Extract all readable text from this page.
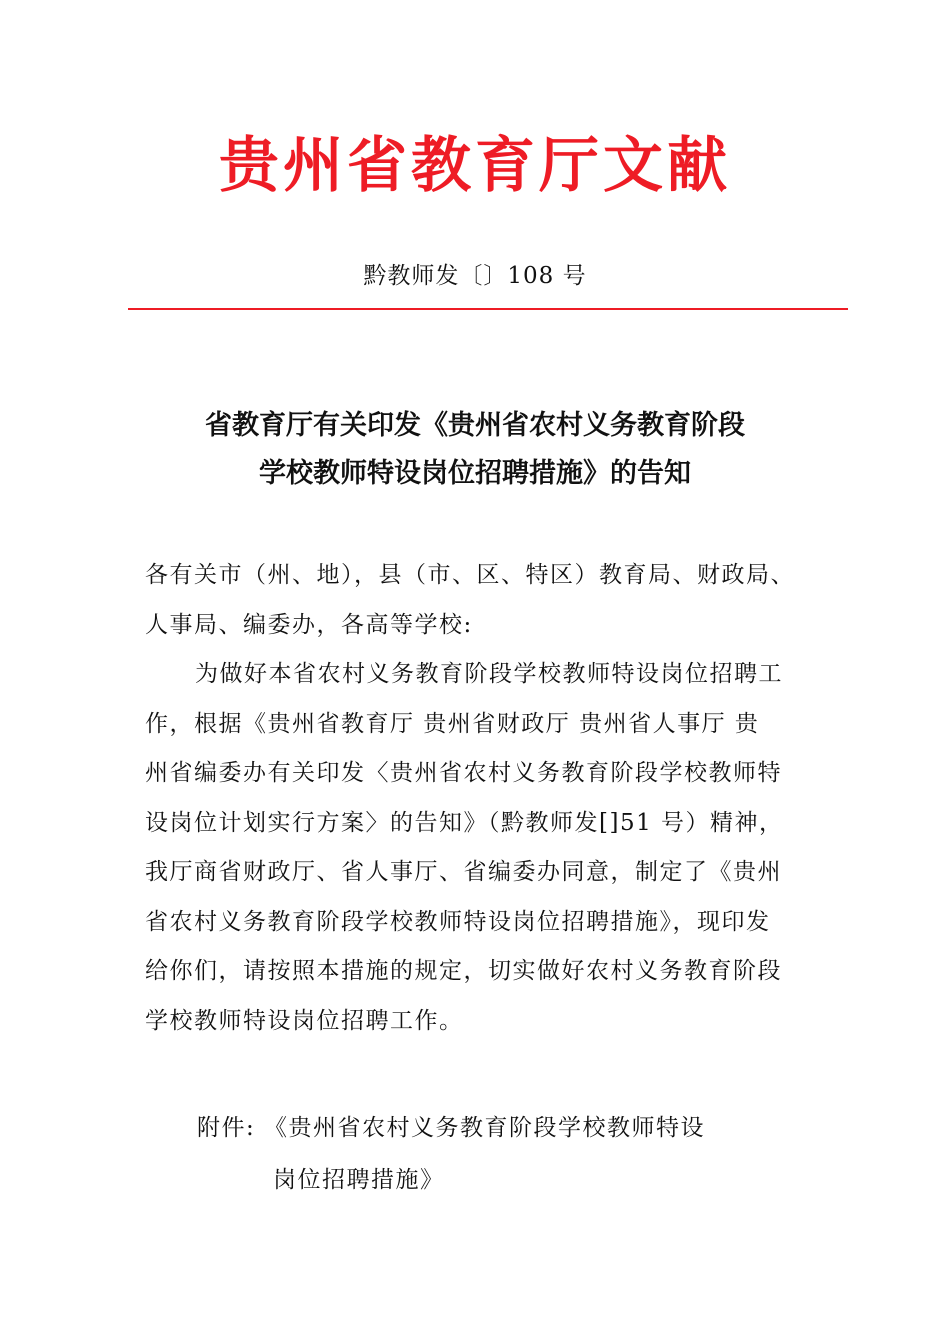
贵州省教育厅文献
黔教师发〔〕108 号
省教育厅有关印发《贵州省农村义务教育阶段
学校教师特设岗位招聘措施》的告知
各有关市（州、地），县（市、区、特区）教育局、财政局、
人事局、编委办，各高等学校:
为做好本省农村义务教育阶段学校教师特设岗位招聘工
作，根据《贵州省教育厅 贵州省财政厅 贵州省人事厅 贵
州省编委办有关印发〈贵州省农村义务教育阶段学校教师特
设岗位计划实行方案〉的告知》（黔教师发[]51 号）精神，
我厅商省财政厅、省人事厅、省编委办同意，制定了《贵州
省农村义务教育阶段学校教师特设岗位招聘措施》，现印发
给你们，请按照本措施的规定，切实做好农村义务教育阶段
学校教师特设岗位招聘工作。
附件: 《贵州省农村义务教育阶段学校教师特设
岗位招聘措施》
